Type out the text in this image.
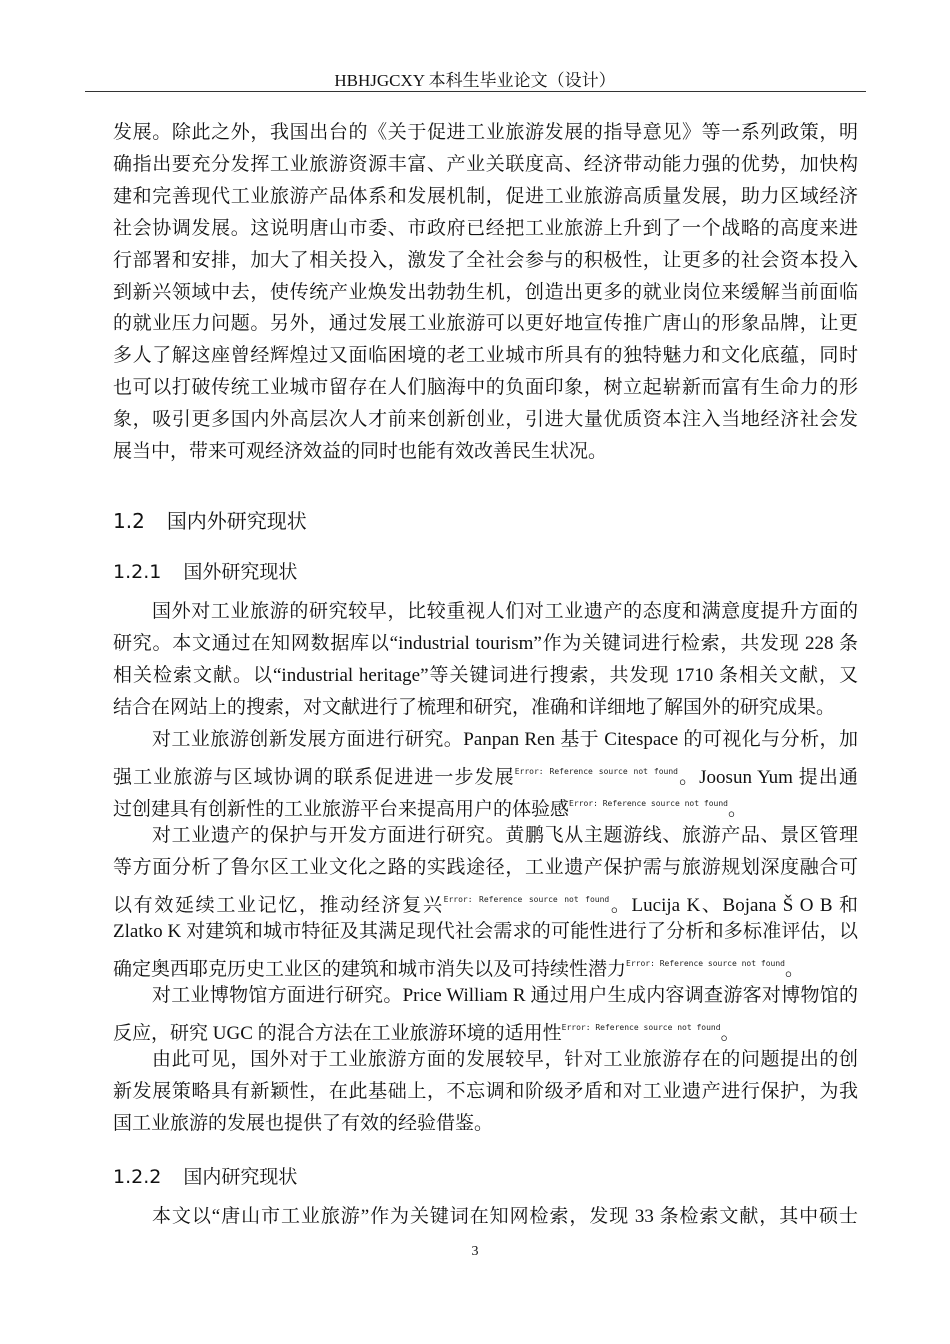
HBHJGCXY 本科生毕业论文（设计）
发展。除此之外，我国出台的《关于促进工业旅游发展的指导意见》等一系列政策，明
确指出要充分发挥工业旅游资源丰富、产业关联度高、经济带动能力强的优势，加快构
建和完善现代工业旅游产品体系和发展机制，促进工业旅游高质量发展，助力区域经济
社会协调发展。这说明唐山市委、市政府已经把工业旅游上升到了一个战略的高度来进
行部署和安排，加大了相关投入，激发了全社会参与的积极性，让更多的社会资本投入
到新兴领域中去，使传统产业焕发出勃勃生机，创造出更多的就业岗位来缓解当前面临
的就业压力问题。另外，通过发展工业旅游可以更好地宣传推广唐山的形象品牌，让更
多人了解这座曾经辉煌过又面临困境的老工业城市所具有的独特魅力和文化底蕴，同时
也可以打破传统工业城市留存在人们脑海中的负面印象，树立起崭新而富有生命力的形
象，吸引更多国内外高层次人才前来创新创业，引进大量优质资本注入当地经济社会发
展当中，带来可观经济效益的同时也能有效改善民生状况。
1.2 国内外研究现状
1.2.1 国外研究现状
国外对工业旅游的研究较早，比较重视人们对工业遗产的态度和满意度提升方面的
研究。本文通过在知网数据库以“industrial tourism”作为关键词进行检索，共发现 228 条
相关检索文献。以“industrial heritage”等关键词进行搜索，共发现 1710 条相关文献，又
结合在网站上的搜索，对文献进行了梳理和研究，准确和详细地了解国外的研究成果。
对工业旅游创新发展方面进行研究。Panpan Ren 基于 Citespace 的可视化与分析，加
强工业旅游与区域协调的联系促进进一步发展$^{Error: Reference source not found}$。Joosun Yum 提出通
过创建具有创新性的工业旅游平台来提高用户的体验感$^{Error: Reference source not found}$。
对工业遗产的保护与开发方面进行研究。黄鹏飞从主题游线、旅游产品、景区管理
等方面分析了鲁尔区工业文化之路的实践途径，工业遗产保护需与旅游规划深度融合可
以有效延续工业记忆，推动经济复兴$^{Error: Reference source not found}$。Lucija K、Bojana Š O B 和
Zlatko K 对建筑和城市特征及其满足现代社会需求的可能性进行了分析和多标准评估，以
确定奥西耶克历史工业区的建筑和城市消失以及可持续性潜力$^{Error: Reference source not found}$。
对工业博物馆方面进行研究。Price William R 通过用户生成内容调查游客对博物馆的
反应，研究 UGC 的混合方法在工业旅游环境的适用性$^{Error: Reference source not found}$。
由此可见，国外对于工业旅游方面的发展较早，针对工业旅游存在的问题提出的创
新发展策略具有新颖性，在此基础上，不忘调和阶级矛盾和对工业遗产进行保护，为我
国工业旅游的发展也提供了有效的经验借鉴。
1.2.2 国内研究现状
本文以“唐山市工业旅游”作为关键词在知网检索，发现 33 条检索文献，其中硕士
3
